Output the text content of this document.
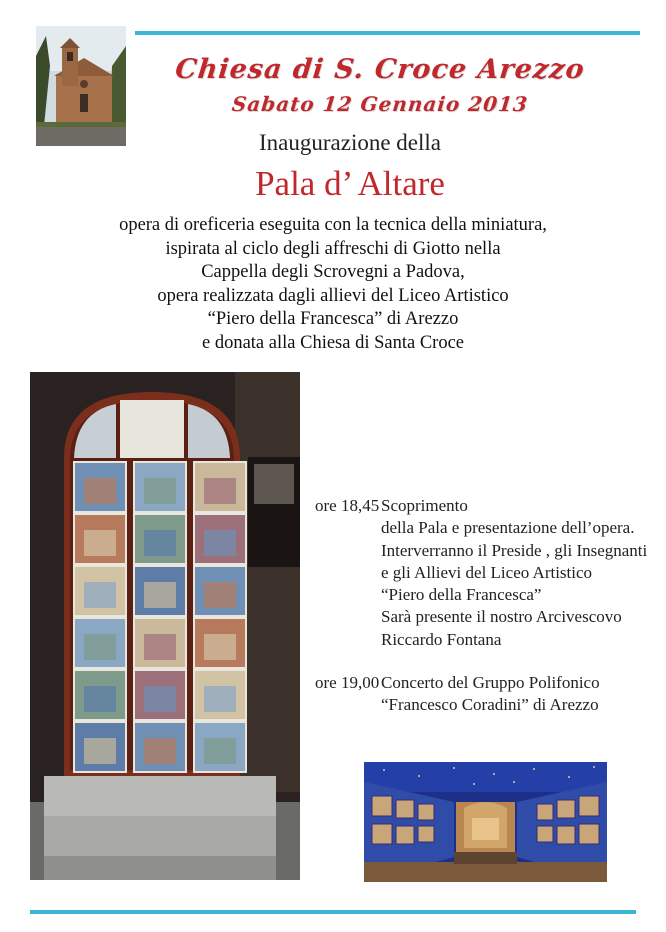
Chiesa di S. Croce Arezzo
Sabato 12 Gennaio 2013
Inaugurazione della
Pala d’ Altare
opera di oreficeria eseguita con la tecnica della miniatura,
ispirata al ciclo degli affreschi di Giotto nella
Cappella degli Scrovegni a Padova,
opera realizzata dagli allievi del Liceo Artistico
“Piero della Francesca” di Arezzo
e donata alla Chiesa di Santa Croce
ore 18,45 Scoprimento
della Pala e presentazione dell’opera.
Interverranno il Preside , gli Insegnanti
e gli Allievi del Liceo Artistico
“Piero della Francesca”
Sarà presente il nostro Arcivescovo
Riccardo Fontana
ore 19,00 Concerto del Gruppo Polifonico
“Francesco Coradini” di Arezzo
